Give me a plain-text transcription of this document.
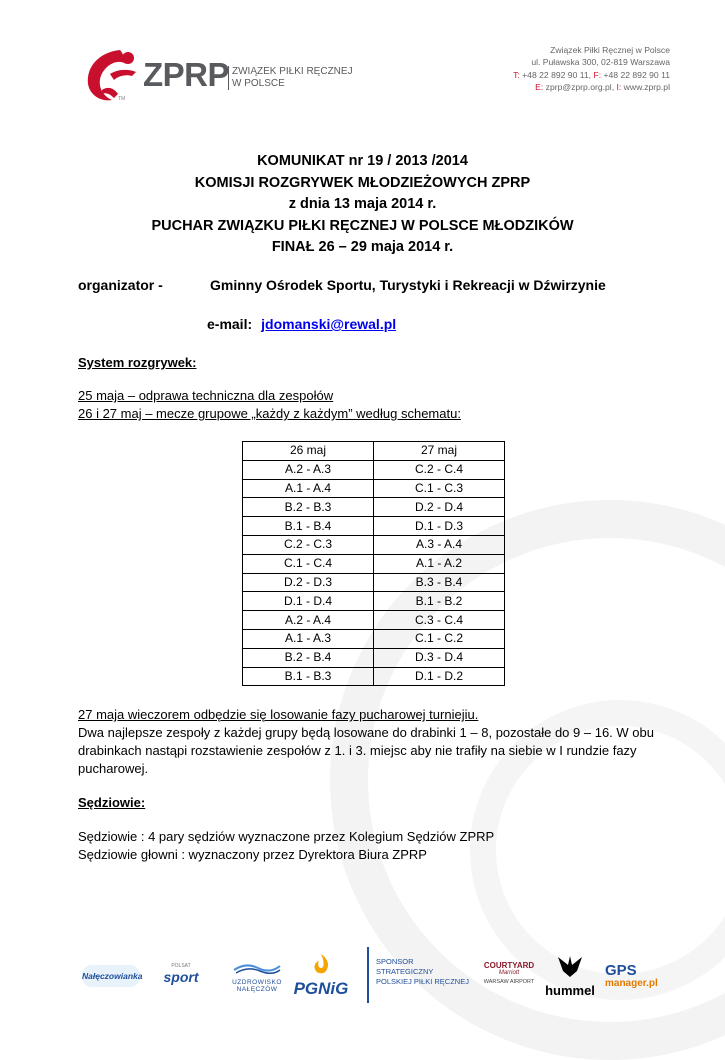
ZPRP ZWIĄZEK PIŁKI RĘCZNEJ
W POLSCE
TM
Związek Piłki Ręcznej w Polsce
ul. Puławska 300, 02-819 Warszawa
T: +48 22 892 90 11, F: +48 22 892 90 11
E: zprp@zprp.org.pl, I: www.zprp.pl
KOMUNIKAT nr 19 / 2013 /2014
KOMISJI ROZGRYWEK MŁODZIEŻOWYCH ZPRP
z dnia 13 maja 2014 r.
PUCHAR ZWIĄZKU PIŁKI RĘCZNEJ W POLSCE MŁODZIKÓW
FINAŁ 26 – 29 maja 2014 r.
organizator -	Gminny Ośrodek Sportu, Turystyki i Rekreacji w Dźwirzynie
e-mail: jdomanski@rewal.pl
System rozgrywek:
25 maja – odprawa techniczna dla zespołów
26 i 27 maj – mecze grupowe „każdy z każdym” według schematu:
26 maj	27 maj
A.2 - A.3	C.2 - C.4
A.1 - A.4	C.1 - C.3
B.2 - B.3	D.2 - D.4
B.1 - B.4	D.1 - D.3
C.2 - C.3	A.3 - A.4
C.1 - C.4	A.1 - A.2
D.2 - D.3	B.3 - B.4
D.1 - D.4	B.1 - B.2
A.2 - A.4	C.3 - C.4
A.1 - A.3	C.1 - C.2
B.2 - B.4	D.3 - D.4
B.1 - B.3	D.1 - D.2
27 maja wieczorem odbędzie się losowanie fazy pucharowej turniejiu.
Dwa najlepsze zespoły z każdej grupy będą losowane do drabinki 1 – 8, pozostałe do 9 – 16. W obu
drabinkach nastąpi rozstawienie zespołów z 1. i 3. miejsc aby nie trafiły na siebie w I rundzie fazy
pucharowej.
Sędziowie:
Sędziowie : 4 pary sędziów wyznaczone przez Kolegium Sędziów ZPRP
Sędziowie głowni : wyznaczony przez Dyrektora Biura ZPRP
Nałęczowianka
POLSAT
sport	UZDROWISKO
NAŁĘCZÓW PGNiG
SPONSOR
STRATEGICZNY
POLSKIEJ PIŁKI RĘCZNEJ
COURTYARD
Marriott
WARSAW AIRPORT
hummel
GPS
manager.pl
